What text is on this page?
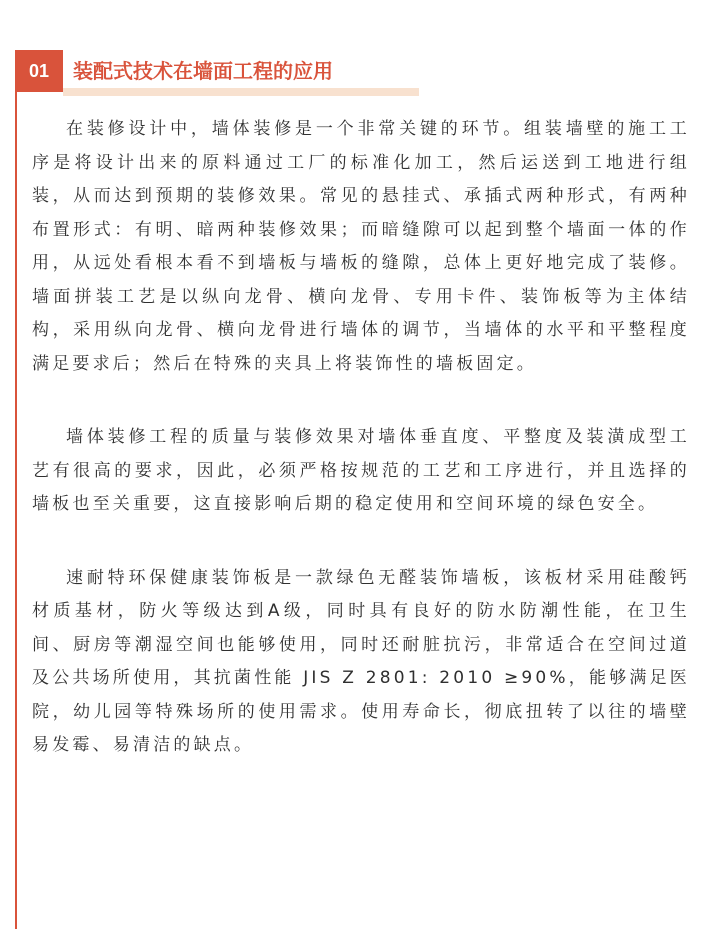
01	装配式技术在墙面工程的应用

在装修设计中，墙体装修是一个非常关键的环节。组装墙壁的施工工序是将设计出来的原料通过工厂的标准化加工，然后运送到工地进行组装，从而达到预期的装修效果。常见的悬挂式、承插式两种形式，有两种布置形式：有明、暗两种装修效果；而暗缝隙可以起到整个墙面一体的作用，从远处看根本看不到墙板与墙板的缝隙，总体上更好地完成了装修。墙面拼装工艺是以纵向龙骨、横向龙骨、专用卡件、装饰板等为主体结构，采用纵向龙骨、横向龙骨进行墙体的调节，当墙体的水平和平整程度满足要求后；然后在特殊的夹具上将装饰性的墙板固定。

墙体装修工程的质量与装修效果对墙体垂直度、平整度及装潢成型工艺有很高的要求，因此，必须严格按规范的工艺和工序进行，并且选择的墙板也至关重要，这直接影响后期的稳定使用和空间环境的绿色安全。

速耐特环保健康装饰板是一款绿色无醛装饰墙板，该板材采用硅酸钙材质基材，防火等级达到A级，同时具有良好的防水防潮性能，在卫生间、厨房等潮湿空间也能够使用，同时还耐脏抗污，非常适合在空间过道及公共场所使用，其抗菌性能 JIS Z 2801: 2010 ≥90%，能够满足医院，幼儿园等特殊场所的使用需求。使用寿命长，彻底扭转了以往的墙壁易发霉、易清洁的缺点。
